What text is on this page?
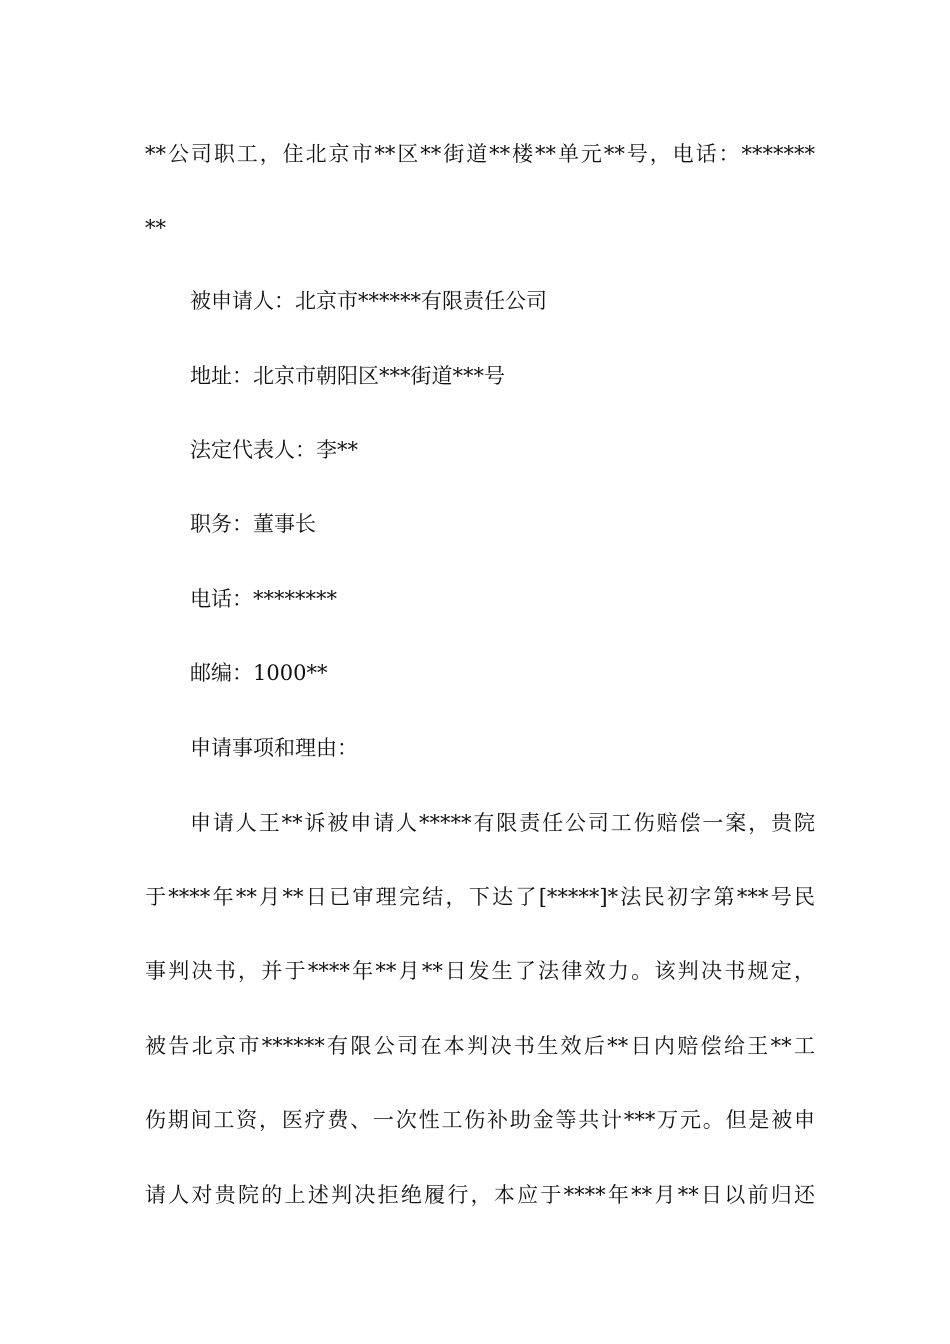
**公司职工，住北京市**区**街道**楼**单元**号，电话：*******
**
被申请人：北京市******有限责任公司
地址：北京市朝阳区***街道***号
法定代表人：李**
职务：董事长
电话：********
邮编：1000**
申请事项和理由：
申请人王**诉被申请人*****有限责任公司工伤赔偿一案，贵院
于****年**月**日已审理完结，下达了[*****]*法民初字第***号民
事判决书，并于****年**月**日发生了法律效力。该判决书规定，
被告北京市******有限公司在本判决书生效后**日内赔偿给王**工
伤期间工资，医疗费、一次性工伤补助金等共计***万元。但是被申
请人对贵院的上述判决拒绝履行，本应于****年**月**日以前归还
